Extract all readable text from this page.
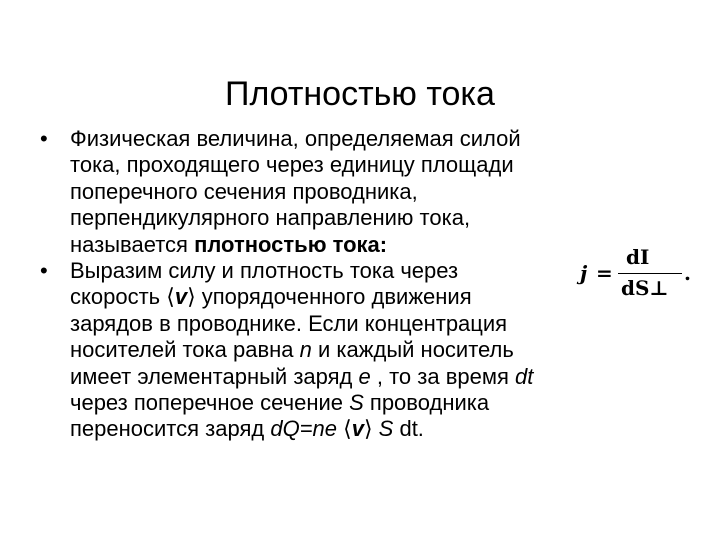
Плотностью тока
•	Физическая величина, определяемая силой
тока, проходящего через единицу площади
поперечного сечения проводника,
перпендикулярного направлению тока,
называется плотностью тока:
•	Выразим силу и плотность тока через
скорость ⟨v⟩ упорядоченного движения
зарядов в проводнике. Если концентрация
носителей тока равна n и каждый носитель
имеет элементарный заряд e , то за время dt
через поперечное сечение S проводника
переносится заряд dQ=ne ⟨v⟩ S dt.
j =
dI
dS⊥
.
